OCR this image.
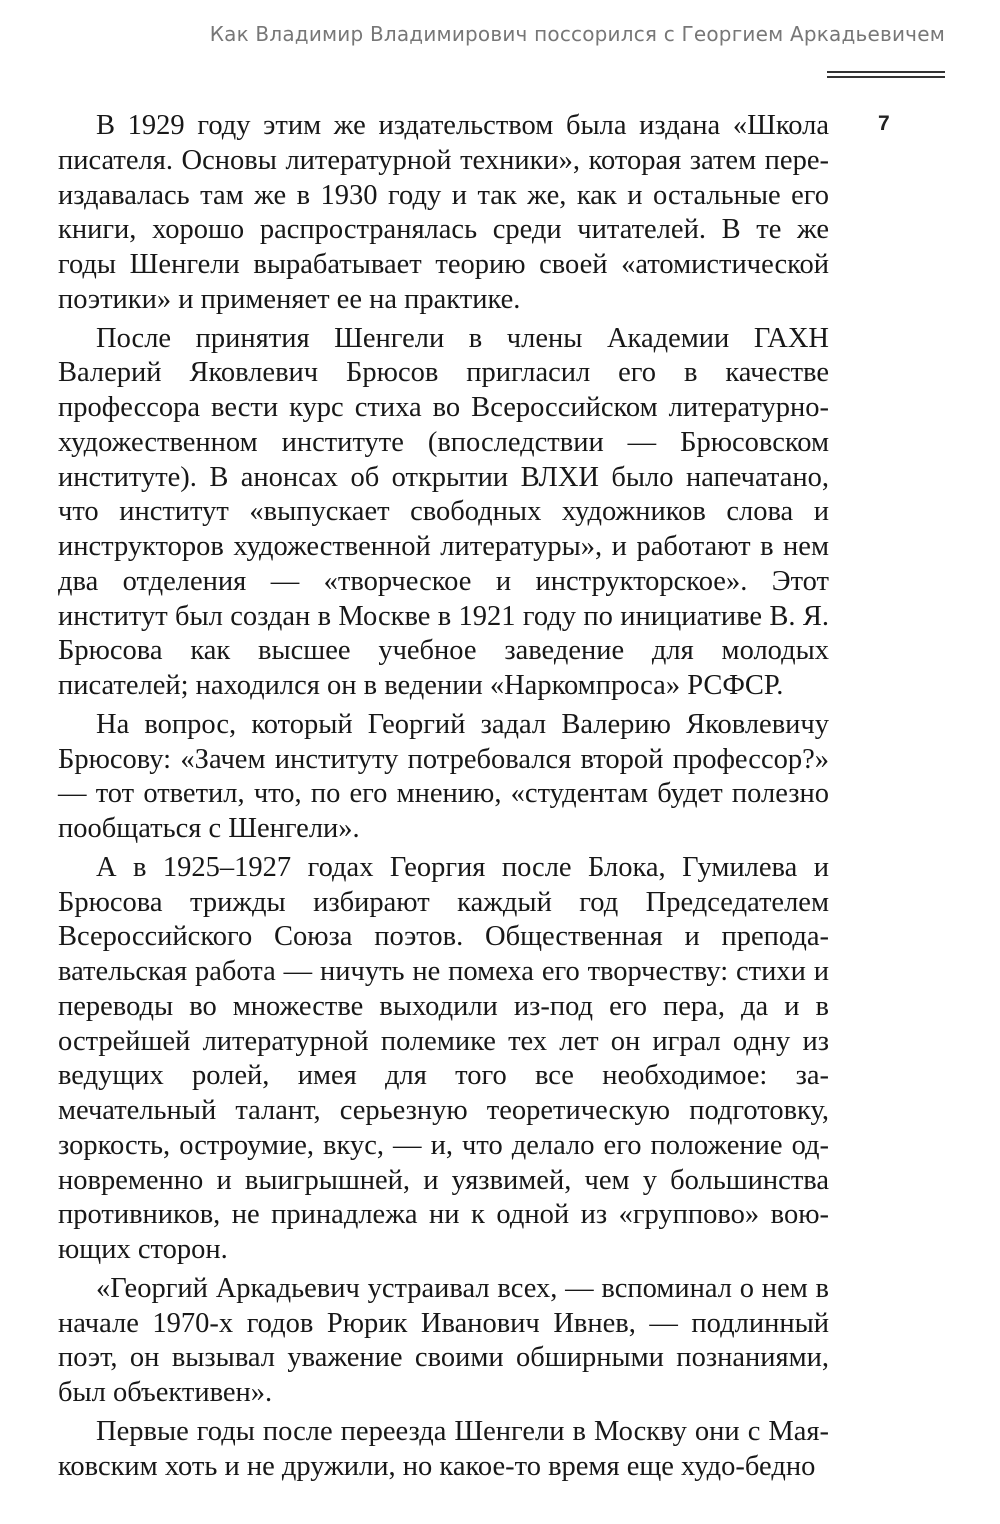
Как Владимир Владимирович поссорился с Георгием Аркадьевичем
7

В 1929 году этим же издательством была издана «Школа писателя. Основы литературной техники», которая затем переиздавалась там же в 1930 году и так же, как и остальные его книги, хорошо распространялась среди читателей. В те же годы Шенгели вырабатывает теорию своей «атомистической поэтики» и применяет ее на практике.

После принятия Шенгели в члены Академии ГАХН Валерий Яковлевич Брюсов пригласил его в качестве профессора вести курс стиха во Всероссийском литературно-художественном институте (впоследствии — Брюсовском институте). В анонсах об открытии ВЛХИ было напечатано, что институт «выпускает свободных художников слова и инструкторов художественной литературы», и работают в нем два отделения — «творческое и инструкторское». Этот институт был создан в Москве в 1921 году по инициативе В. Я. Брюсова как высшее учебное заведение для молодых писателей; находился он в ведении «Наркомпроса» РСФСР.

На вопрос, который Георгий задал Валерию Яковлевичу Брюсову: «Зачем институту потребовался второй профессор?» — тот ответил, что, по его мнению, «студентам будет полезно пообщаться с Шенгели».

А в 1925–1927 годах Георгия после Блока, Гумилева и Брюсова трижды избирают каждый год Председателем Всероссийского Союза поэтов. Общественная и преподавательская работа — ничуть не помеха его творчеству: стихи и переводы во множестве выходили из-под его пера, да и в острейшей литературной полемике тех лет он играл одну из ведущих ролей, имея для того все необходимое: замечательный талант, серьезную теоретическую подготовку, зоркость, остроумие, вкус, — и, что делало его положение одновременно и выигрышней, и уязвимей, чем у большинства противников, не принадлежа ни к одной из «группово» воюющих сторон.

«Георгий Аркадьевич устраивал всех, — вспоминал о нем в начале 1970-х годов Рюрик Иванович Ивнев, — подлинный поэт, он вызывал уважение своими обширными познаниями, был объективен».

Первые годы после переезда Шенгели в Москву они с Маяковским хоть и не дружили, но какое-то время еще худо-бедно
